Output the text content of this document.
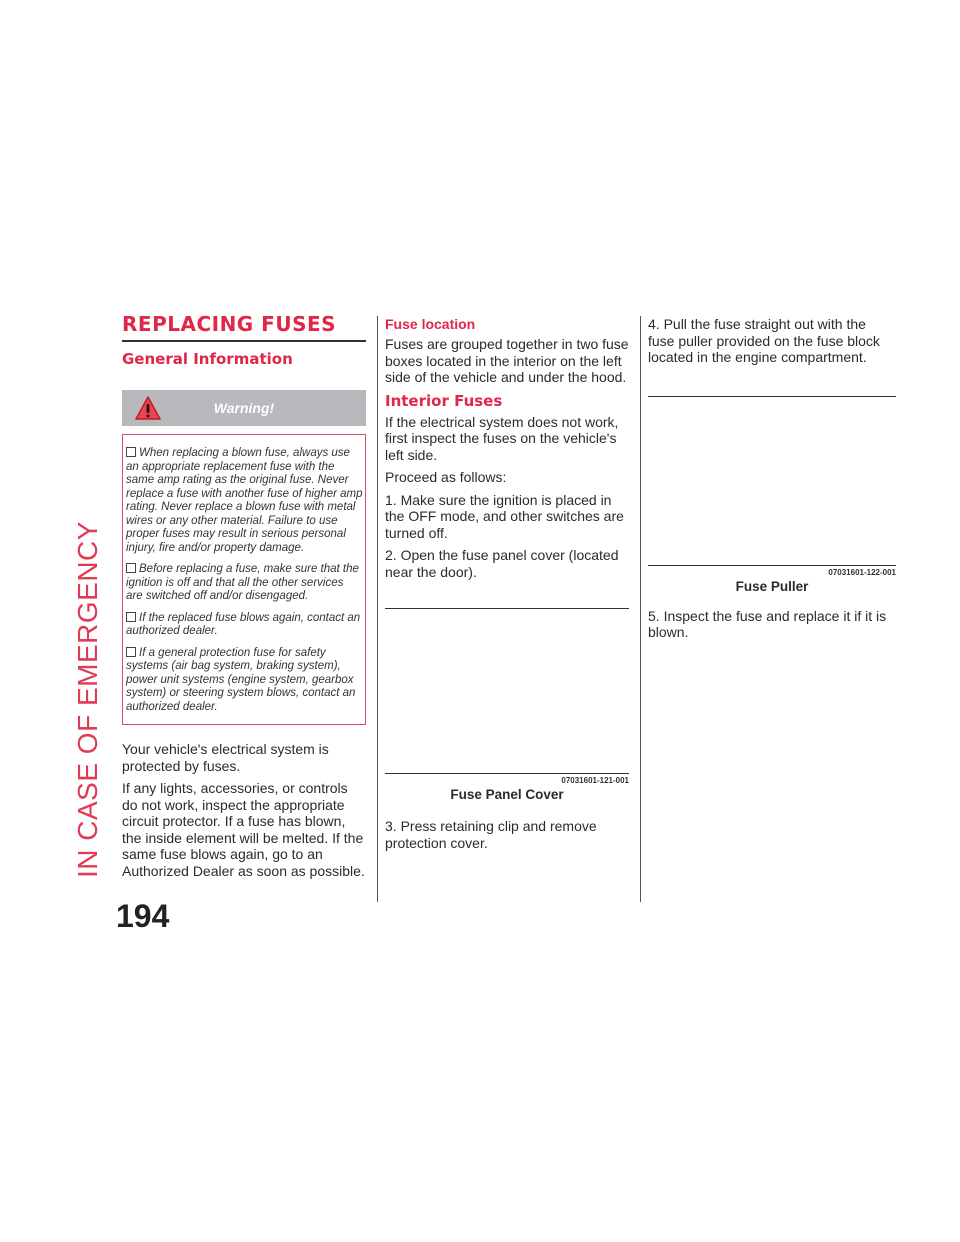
IN CASE OF EMERGENCY
194
REPLACING FUSES
General Information
Warning!

When replacing a blown fuse, always use an appropriate replacement fuse with the same amp rating as the original fuse. Never replace a fuse with another fuse of higher amp rating. Never replace a blown fuse with metal wires or any other material. Failure to use proper fuses may result in serious personal injury, fire and/or property damage.

Before replacing a fuse, make sure that the ignition is off and that all the other services are switched off and/or disengaged.

If the replaced fuse blows again, contact an authorized dealer.

If a general protection fuse for safety systems (air bag system, braking system), power unit systems (engine system, gearbox system) or steering system blows, contact an authorized dealer.

Your vehicle's electrical system is protected by fuses.

If any lights, accessories, or controls do not work, inspect the appropriate circuit protector. If a fuse has blown, the inside element will be melted. If the same fuse blows again, go to an Authorized Dealer as soon as possible.

Fuse location

Fuses are grouped together in two fuse boxes located in the interior on the left side of the vehicle and under the hood.

Interior Fuses

If the electrical system does not work, first inspect the fuses on the vehicle's left side.

Proceed as follows:

1. Make sure the ignition is placed in the OFF mode, and other switches are turned off.

2. Open the fuse panel cover (located near the door).

07031601-121-001
Fuse Panel Cover

3. Press retaining clip and remove protection cover.

4. Pull the fuse straight out with the fuse puller provided on the fuse block located in the engine compartment.

07031601-122-001
Fuse Puller

5. Inspect the fuse and replace it if it is blown.
